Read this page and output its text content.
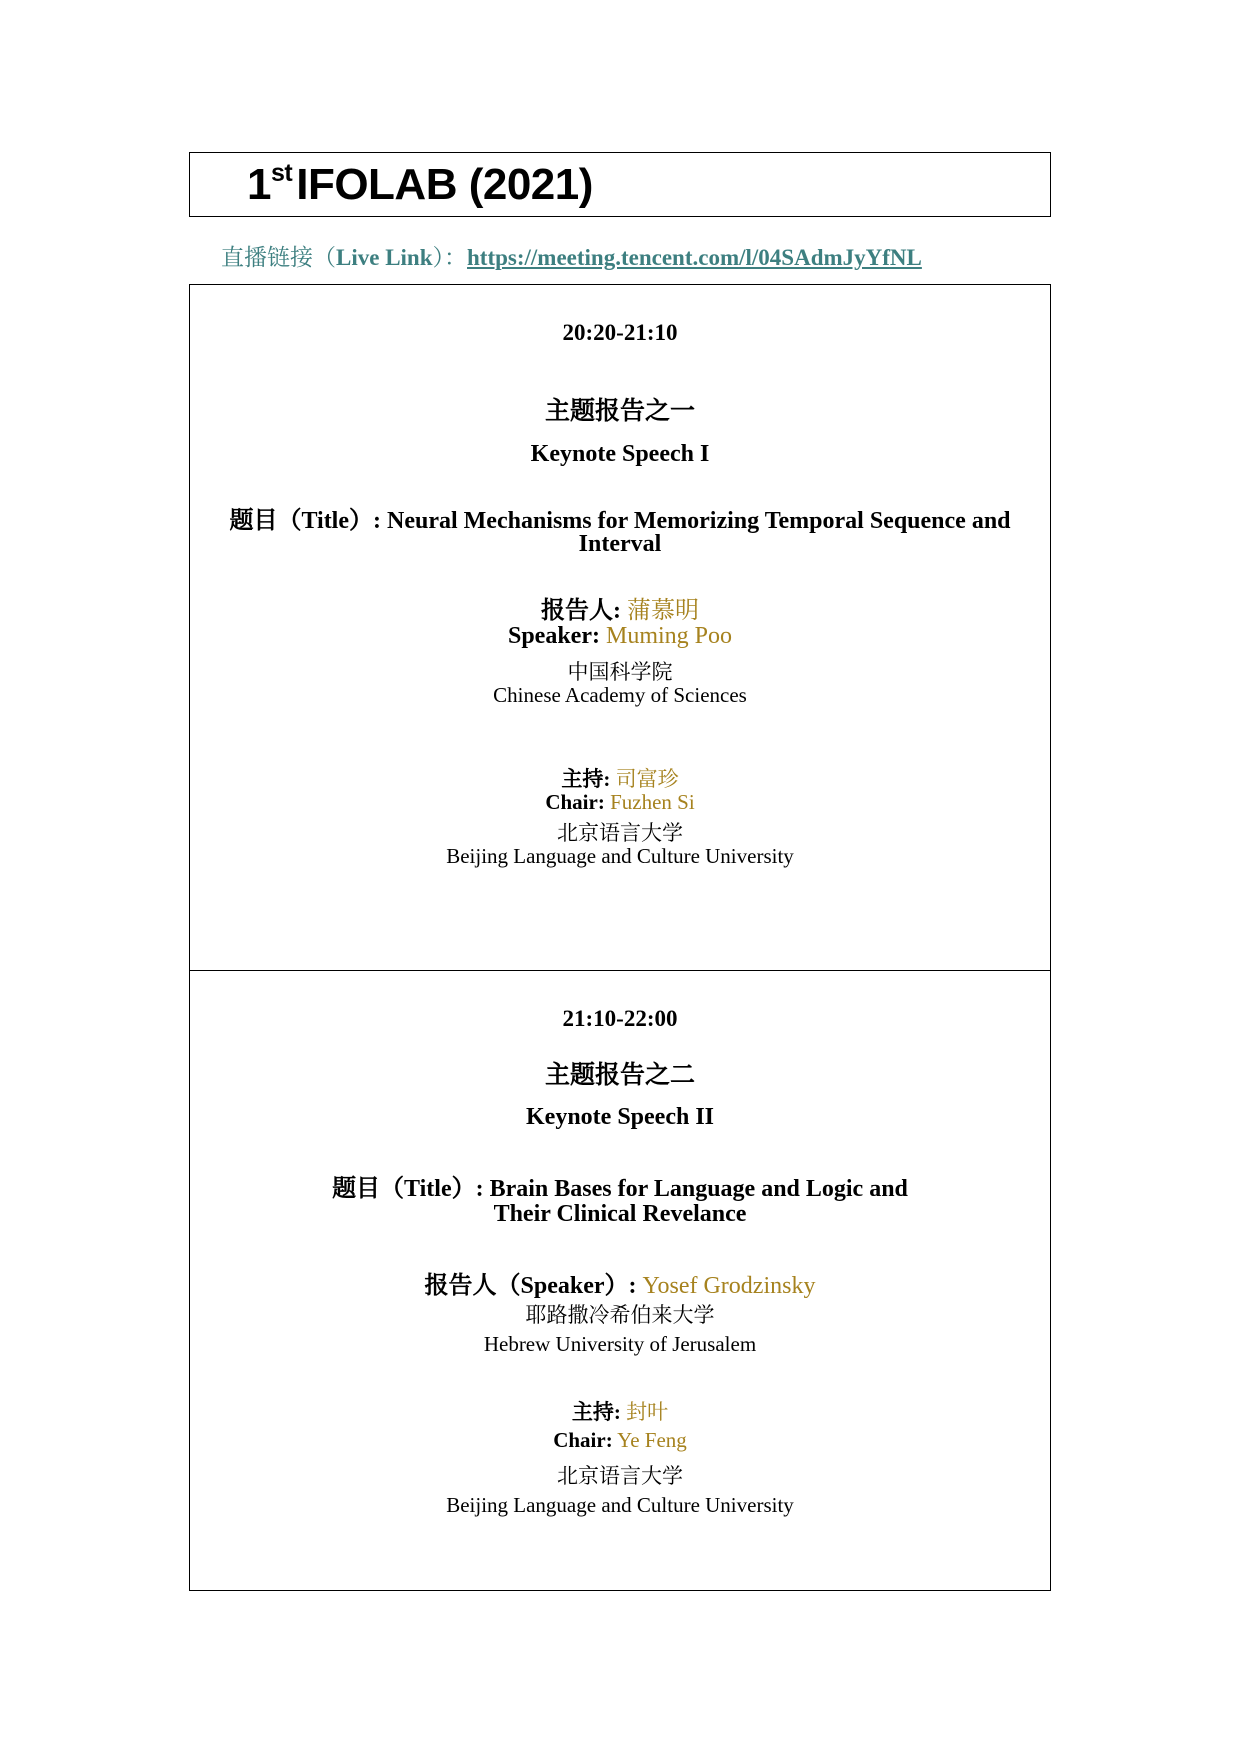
1stIFOLAB (2021)
直播链接（Live Link）：https://meeting.tencent.com/l/04SAdmJyYfNL
20:20-21:10
主题报告之一
Keynote Speech I
题目（Title）: Neural Mechanisms for Memorizing Temporal Sequence and
Interval
报告人: 蒲慕明
Speaker: Muming Poo
中国科学院
Chinese Academy of Sciences
主持: 司富珍
Chair: Fuzhen Si
北京语言大学
Beijing Language and Culture University
21:10-22:00
主题报告之二
Keynote Speech II
题目（Title）: Brain Bases for Language and Logic and
Their Clinical Revelance
报告人（Speaker）: Yosef Grodzinsky
耶路撒冷希伯来大学
Hebrew University of Jerusalem
主持: 封叶
Chair: Ye Feng
北京语言大学
Beijing Language and Culture University
